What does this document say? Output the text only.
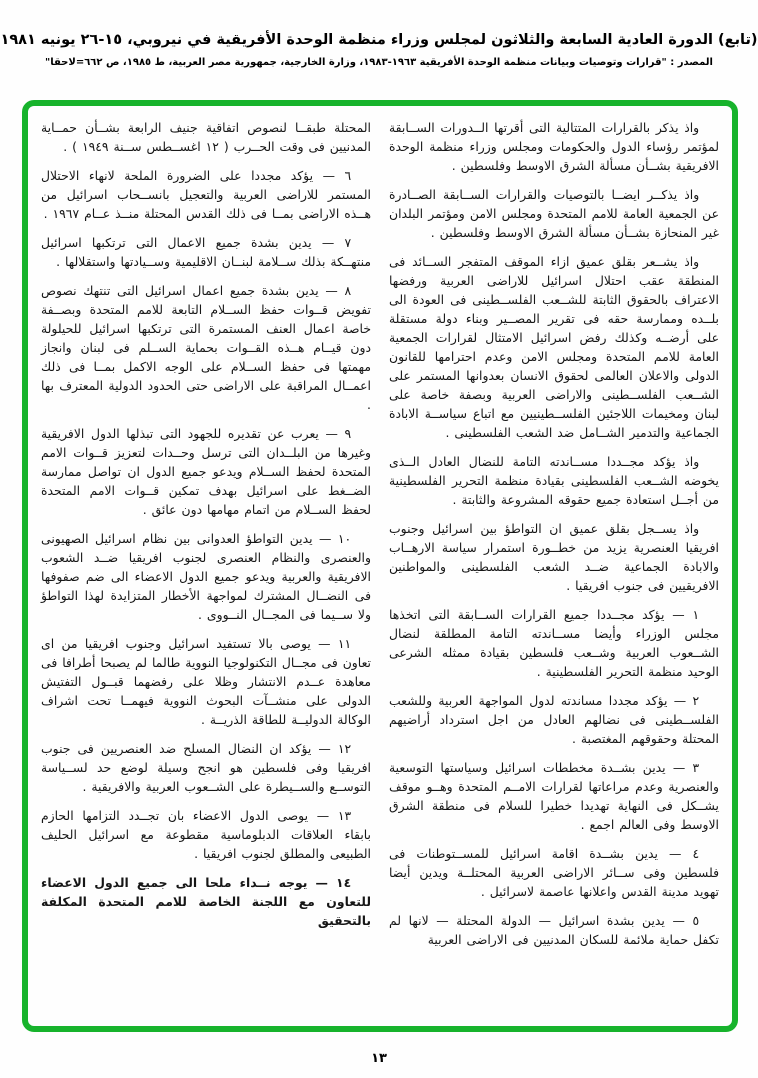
(تابع) الدورة العادية السابعة والثلاثون لمجلس وزراء منظمة الوحدة الأفريقية في نيروبي، ١٥-٢٦ يونيه ١٩٨١
المصدر : "قرارات وتوصيات وبيانات منظمة الوحدة الأفريقية ١٩٦٣-١٩٨٣، وزارة الخارجية، جمهورية مصر العربية، ط ١٩٨٥، ص ٦٦٢=لاحقا"

واذ يذكر بالقرارات المتتالية التى أقرتها الــدورات الســابقة لمؤتمر رؤساء الدول والحكومات ومجلس وزراء منظمة الوحدة الافريقية بشــأن مسألة الشرق الاوسط وفلسطين .

واذ يذكــر ايضــا بالتوصيات والقرارات الســابقة الصــادرة عن الجمعية العامة للامم المتحدة ومجلس الامن ومؤتمر البلدان غير المنحازة بشــأن مسألة الشرق الاوسط وفلسطين .

واذ يشــعر بقلق عميق ازاء الموقف المتفجر الســائد فى المنطقة عقب احتلال اسرائيل للاراضى العربية ورفضها الاعتراف بالحقوق الثابتة للشــعب الفلســطينى فى العودة الى بلــده وممارسة حقه فى تقرير المصــير وبناء دولة مستقلة على أرضــه وكذلك رفض اسرائيل الامتثال لقرارات الجمعية العامة للامم المتحدة ومجلس الامن وعدم احترامها للقانون الدولى والاعلان العالمى لحقوق الانسان بعدوانها المستمر على الشــعب الفلســطينى والاراضى العربية وبصفة خاصة على لبنان ومخيمات اللاجئين الفلســطينيين مع اتباع سياســة الابادة الجماعية والتدمير الشــامل ضد الشعب الفلسطينى .

واذ يؤكد مجــددا مســاندته التامة للنضال العادل الــذى يخوضه الشــعب الفلسطينى بقيادة منظمة التحرير الفلسطينية من أجــل استعادة جميع حقوقه المشروعة والثابتة .

واذ يســجل بقلق عميق ان التواطؤ بين اسرائيل وجنوب افريقيا العنصرية يزيد من خطــورة استمرار سياسة الارهــاب والابادة الجماعية ضــد الشعب الفلسطينى والمواطنين الافريقيين فى جنوب افريقيا .

١ — يؤكد مجــددا جميع القرارات الســابقة التى اتخذها مجلس الوزراء وأيضا مســاندته التامة المطلقة لنضال الشــعوب العربية وشــعب فلسطين بقيادة ممثله الشرعى الوحيد منظمة التحرير الفلسطينية .

٢ — يؤكد مجددا مساندته لدول المواجهة العربية وللشعب الفلســطينى فى نضالهم العادل من اجل استرداد أراضيهم المحتلة وحقوقهم المغتصبة .

٣ — يدين بشــدة مخططات اسرائيل وسياستها التوسعية والعنصرية وعدم مراعاتها لقرارات الامــم المتحدة وهــو موقف يشــكل فى النهاية تهديدا خطيرا للسلام فى منطقة الشرق الاوسط وفى العالم اجمع .

٤ — يدين بشــدة اقامة اسرائيل للمســتوطنات فى فلسطين وفى ســائر الاراضى العربية المحتلــة ويدين أيضا تهويد مدينة القدس واعلانها عاصمة لاسرائيل .

٥ — يدين بشدة اسرائيل — الدولة المحتلة — لانها لم تكفل حماية ملائمة للسكان المدنيين فى الاراضى العربية

المحتلة طبقــا لنصوص اتفاقية جنيف الرابعة بشــأن حمــاية المدنيين فى وقت الحــرب ( ١٢ اغســطس ســنة ١٩٤٩ ) .

٦ — يؤكد مجددا على الضرورة الملحة لانهاء الاحتلال المستمر للاراضى العربية والتعجيل بانســحاب اسرائيل من هــذه الاراضى بمــا فى ذلك القدس المحتلة منــذ عــام ١٩٦٧ .

٧ — يدين بشدة جميع الاعمال التى ترتكبها اسرائيل منتهــكة بذلك ســلامة لبنــان الاقليمية وســيادتها واستقلالها .

٨ — يدين بشدة جميع اعمال اسرائيل التى تنتهك نصوص تفويض قــوات حفظ الســلام التابعة للامم المتحدة وبصــفة خاصة اعمال العنف المستمرة التى ترتكبها اسرائيل للحيلولة دون قيــام هــذه القــوات بحماية الســلم فى لبنان وانجاز مهمتها فى حفظ الســلام على الوجه الاكمل بمــا فى ذلك اعمــال المراقبة على الاراضى حتى الحدود الدولية المعترف بها .

٩ — يعرب عن تقديره للجهود التى تبذلها الدول الافريقية وغيرها من البلــدان التى ترسل وحــدات لتعزيز قــوات الامم المتحدة لحفظ الســلام ويدعو جميع الدول ان تواصل ممارسة الضــغط على اسرائيل بهدف تمكين قــوات الامم المتحدة لحفظ الســلام من اتمام مهامها دون عائق .

١٠ — يدين التواطؤ العدوانى بين نظام اسرائيل الصهيونى والعنصرى والنظام العنصرى لجنوب افريقيا ضــد الشعوب الافريقية والعربية ويدعو جميع الدول الاعضاء الى ضم صفوفها فى النضــال المشترك لمواجهة الأخطار المتزايدة لهذا التواطؤ ولا ســيما فى المجــال النــووى .

١١ — يوصى بالا تستفيد اسرائيل وجنوب افريقيا من اى تعاون فى مجــال التكنولوجيا النووية طالما لم يصبحا أطرافا فى معاهدة عــدم الانتشار وظلا على رفضهما قبــول التفتيش الدولى على منشــآت البحوث النووية فيهمــا تحت اشراف الوكالة الدوليــة للطاقة الذريــة .

١٢ — يؤكد ان النضال المسلح ضد العنصريين فى جنوب افريقيا وفى فلسطين هو انجح وسيلة لوضع حد لســياسة التوســع والســيطرة على الشــعوب العربية والافريقية .

١٣ — يوصى الدول الاعضاء بان تجــدد التزامها الحازم بابقاء العلاقات الدبلوماسية مقطوعة مع اسرائيل الحليف الطبيعى والمطلق لجنوب افريقيا .

١٤ — يوجه نــداء ملحا الى جميع الدول الاعضاء للتعاون مع اللجنة الخاصة للامم المتحدة المكلفة بالتحقيق

١٣
